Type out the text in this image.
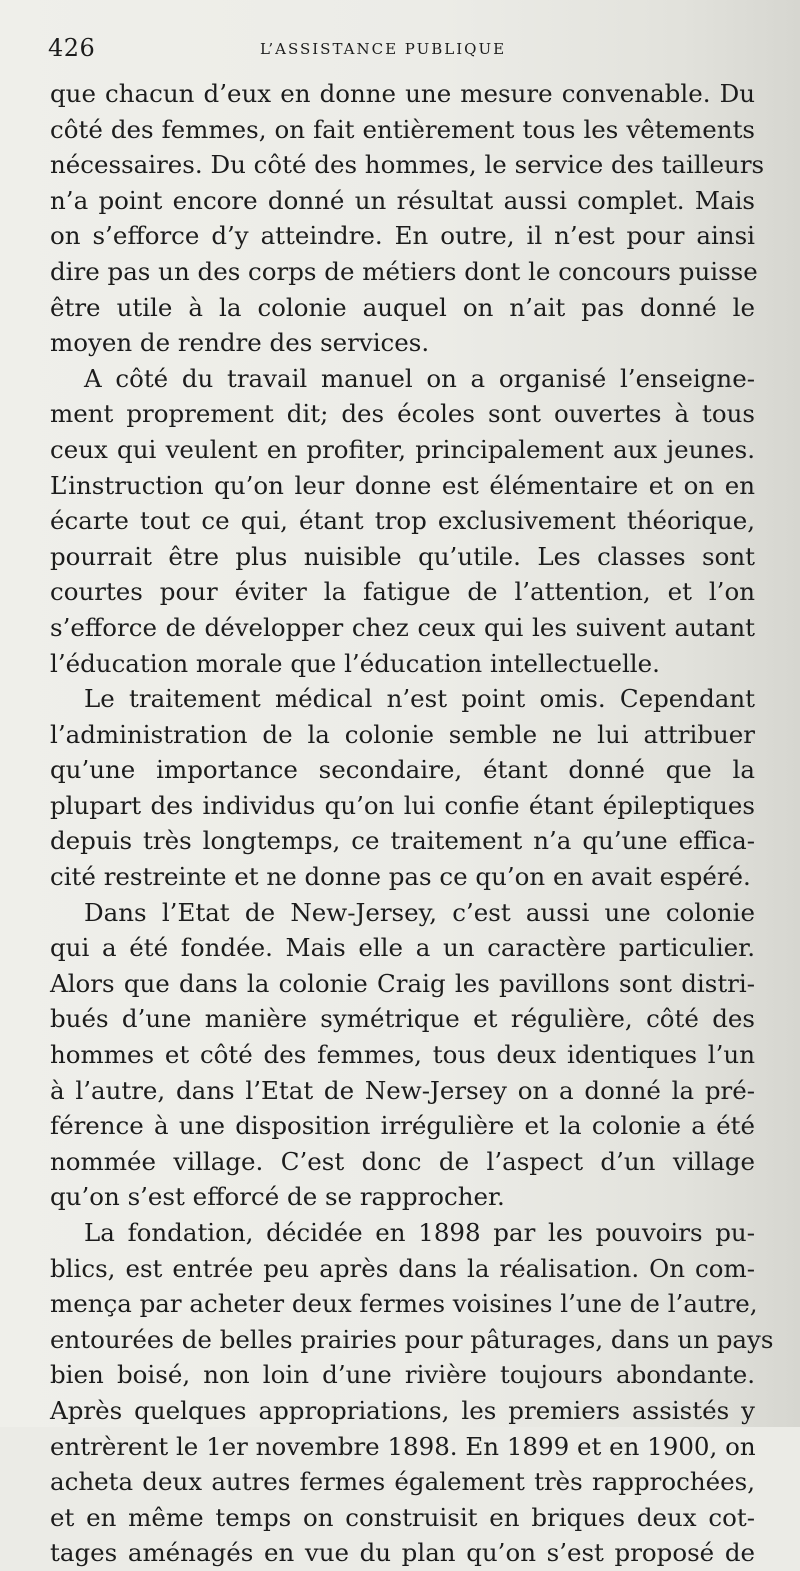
426	L’ASSISTANCE PUBLIQUE
que chacun d’eux en donne une mesure convenable. Du
côté des femmes, on fait entièrement tous les vêtements
nécessaires. Du côté des hommes, le service des tailleurs
n’a point encore donné un résultat aussi complet. Mais
on s’efforce d’y atteindre. En outre, il n’est pour ainsi
dire pas un des corps de métiers dont le concours puisse
être utile à la colonie auquel on n’ait pas donné le
moyen de rendre des services.
A côté du travail manuel on a organisé l’enseigne-
ment proprement dit; des écoles sont ouvertes à tous
ceux qui veulent en profiter, principalement aux jeunes.
L’instruction qu’on leur donne est élémentaire et on en
écarte tout ce qui, étant trop exclusivement théorique,
pourrait être plus nuisible qu’utile. Les classes sont
courtes pour éviter la fatigue de l’attention, et l’on
s’efforce de développer chez ceux qui les suivent autant
l’éducation morale que l’éducation intellectuelle.
Le traitement médical n’est point omis. Cependant
l’administration de la colonie semble ne lui attribuer
qu’une importance secondaire, étant donné que la
plupart des individus qu’on lui confie étant épileptiques
depuis très longtemps, ce traitement n’a qu’une effica-
cité restreinte et ne donne pas ce qu’on en avait espéré.
Dans l’Etat de New-Jersey, c’est aussi une colonie
qui a été fondée. Mais elle a un caractère particulier.
Alors que dans la colonie Craig les pavillons sont distri-
bués d’une manière symétrique et régulière, côté des
hommes et côté des femmes, tous deux identiques l’un
à l’autre, dans l’Etat de New-Jersey on a donné la pré-
férence à une disposition irrégulière et la colonie a été
nommée village. C’est donc de l’aspect d’un village
qu’on s’est efforcé de se rapprocher.
La fondation, décidée en 1898 par les pouvoirs pu-
blics, est entrée peu après dans la réalisation. On com-
mença par acheter deux fermes voisines l’une de l’autre,
entourées de belles prairies pour pâturages, dans un pays
bien boisé, non loin d’une rivière toujours abondante.
Après quelques appropriations, les premiers assistés y
entrèrent le 1er novembre 1898. En 1899 et en 1900, on
acheta deux autres fermes également très rapprochées,
et en même temps on construisit en briques deux cot-
tages aménagés en vue du plan qu’on s’est proposé de
